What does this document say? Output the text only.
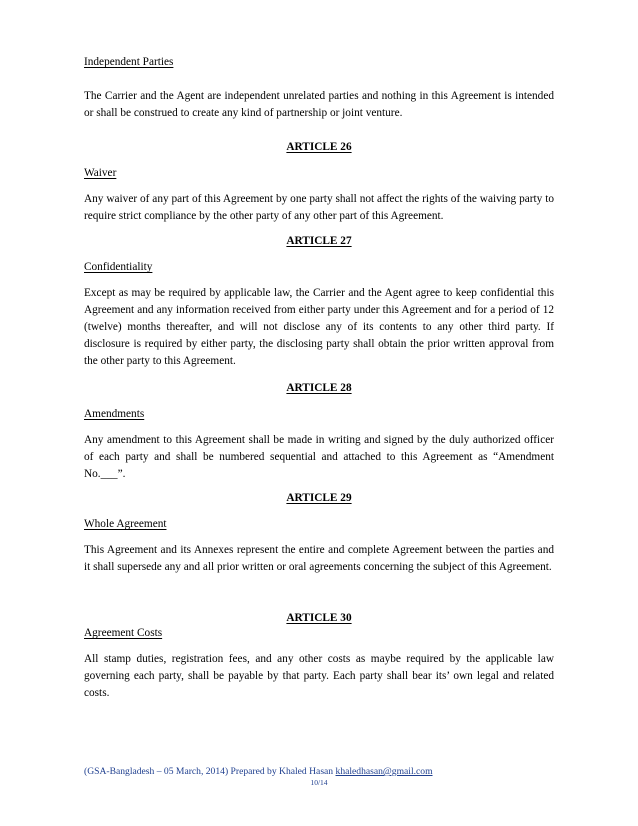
Independent Parties
The Carrier and the Agent are independent unrelated parties and nothing in this Agreement is intended or shall be construed to create any kind of partnership or joint venture.
ARTICLE 26
Waiver
Any waiver of any part of this Agreement by one party shall not affect the rights of the waiving party to require strict compliance by the other party of any other part of this Agreement.
ARTICLE 27
Confidentiality
Except as may be required by applicable law, the Carrier and the Agent agree to keep confidential this Agreement and any information received from either party under this Agreement and for a period of 12 (twelve) months thereafter, and will not disclose any of its contents to any other third party. If disclosure is required by either party, the disclosing party shall obtain the prior written approval from the other party to this Agreement.
ARTICLE 28
Amendments
Any amendment to this Agreement shall be made in writing and signed by the duly authorized officer of each party and shall be numbered sequential and attached to this Agreement as “Amendment No.___”.
ARTICLE 29
Whole Agreement
This Agreement and its Annexes represent the entire and complete Agreement between the parties and it shall supersede any and all prior written or oral agreements concerning the subject of this Agreement.
ARTICLE 30
Agreement Costs
All stamp duties, registration fees, and any other costs as maybe required by the applicable law governing each party, shall be payable by that party. Each party shall bear its’ own legal and related costs.
(GSA-Bangladesh – 05 March, 2014) Prepared by Khaled Hasan khaledhasan@gmail.com
10/14
